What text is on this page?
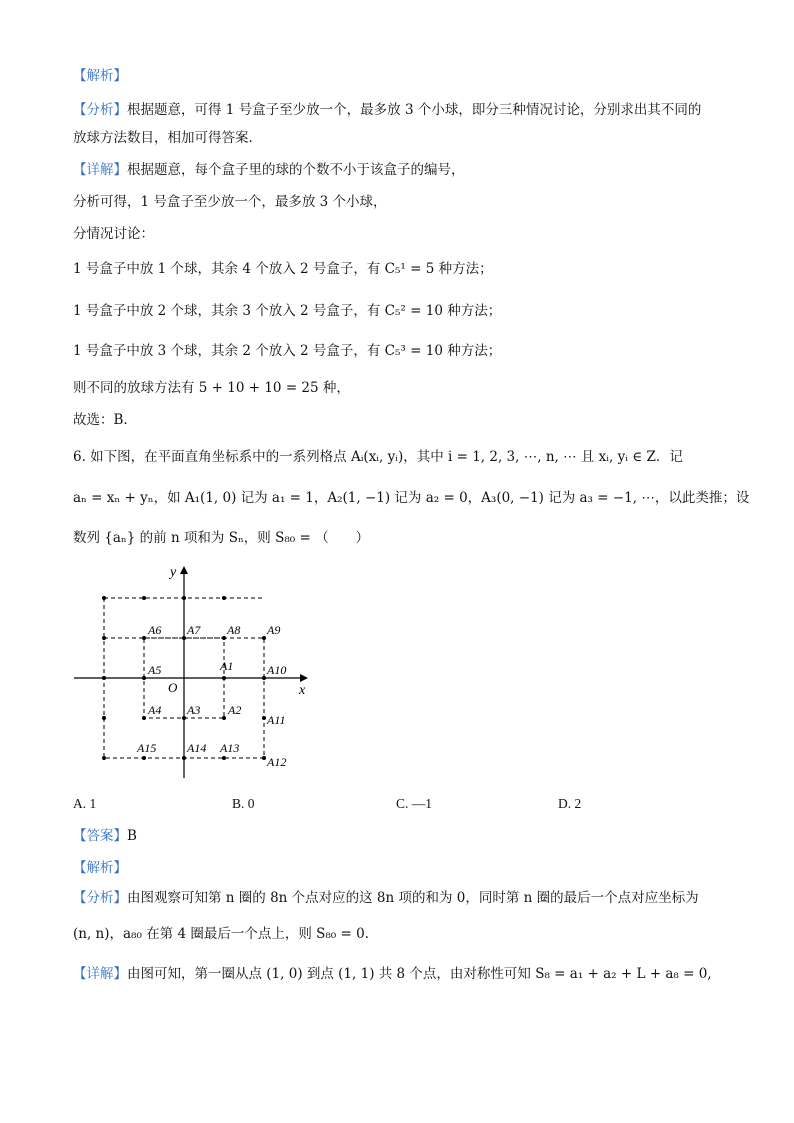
【解析】
【分析】根据题意，可得 1 号盒子至少放一个，最多放 3 个小球，即分三种情况讨论，分别求出其不同的
放球方法数目，相加可得答案．
【详解】根据题意，每个盒子里的球的个数不小于该盒子的编号，
分析可得，1 号盒子至少放一个，最多放 3 个小球，
分情况讨论：
1 号盒子中放 1 个球，其余 4 个放入 2 号盒子，有 C₅¹ = 5 种方法；
1 号盒子中放 2 个球，其余 3 个放入 2 号盒子，有 C₅² = 10 种方法；
1 号盒子中放 3 个球，其余 2 个放入 2 号盒子，有 C₅³ = 10 种方法；
则不同的放球方法有 5 + 10 + 10 = 25 种，
故选：B．
6. 如下图，在平面直角坐标系中的一系列格点 Aᵢ(xᵢ, yᵢ)，其中 i = 1, 2, 3, ⋯, n, ⋯ 且 xᵢ, yᵢ ∈ Z．记
aₙ = xₙ + yₙ，如 A₁(1, 0) 记为 a₁ = 1，A₂(1, −1) 记为 a₂ = 0，A₃(0, −1) 记为 a₃ = −1, ⋯，以此类推；设
数列 {aₙ} 的前 n 项和为 Sₙ，则 S₈₀ = （　　）
x
y
O
A1
A2
A3
A4
A5
A6 A7 A8 A9
A10
A11
A12
A13
A14
A15
A. 1	B. 0	C. —1	D. 2
【答案】B
【解析】
【分析】由图观察可知第 n 圈的 8n 个点对应的这 8n 项的和为 0，同时第 n 圈的最后一个点对应坐标为
(n, n)，a₈₀ 在第 4 圈最后一个点上，则 S₈₀ = 0.
【详解】由图可知，第一圈从点 (1, 0) 到点 (1, 1) 共 8 个点，由对称性可知 S₈ = a₁ + a₂ + L + a₈ = 0,
